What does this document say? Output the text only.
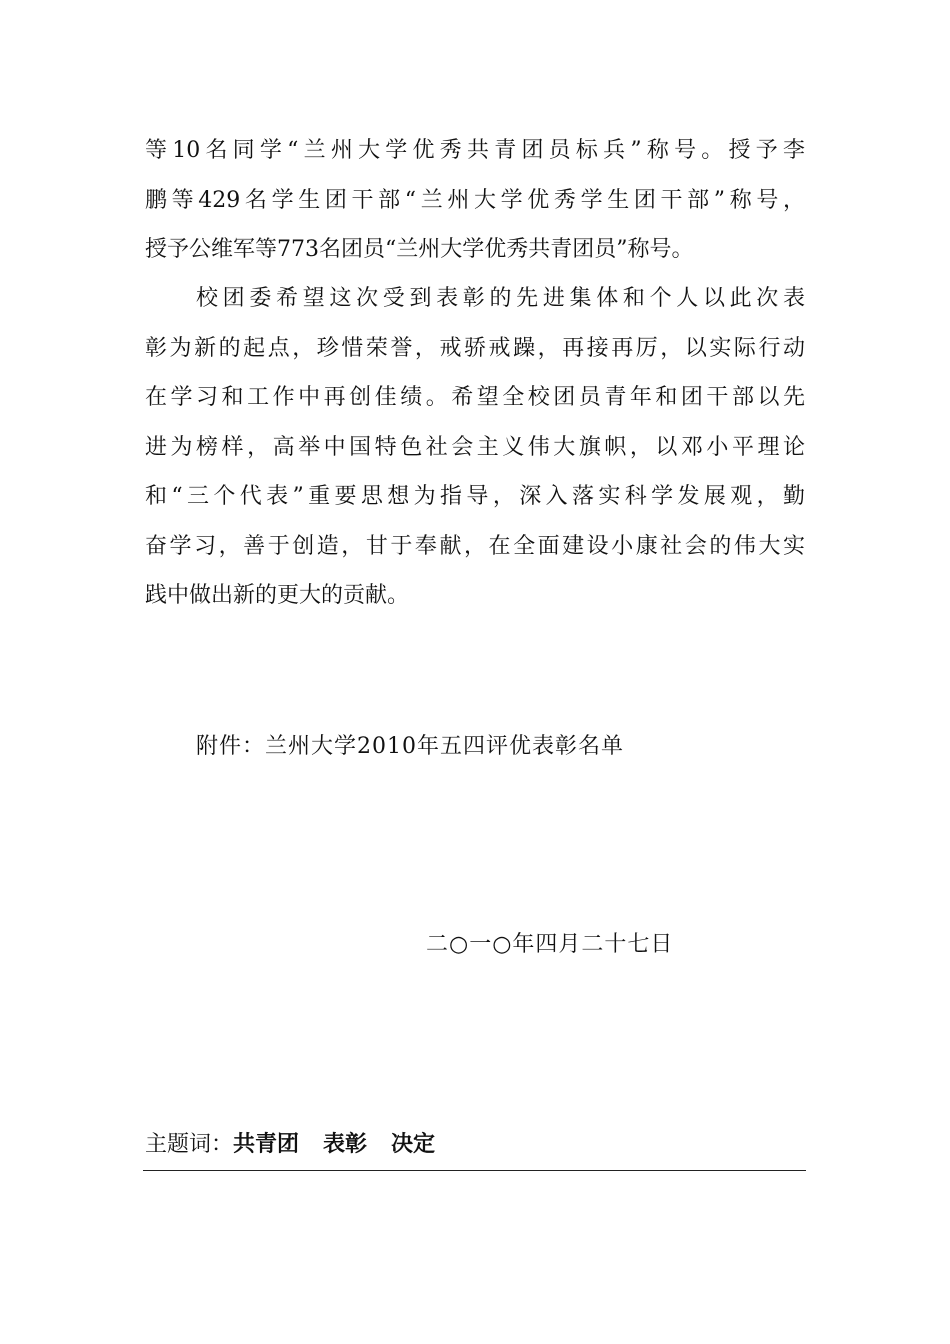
等10名同学“兰州大学优秀共青团员标兵”称号。授予李
鹏等429名学生团干部“兰州大学优秀学生团干部”称号，
授予公维军等773名团员“兰州大学优秀共青团员”称号。
校团委希望这次受到表彰的先进集体和个人以此次表
彰为新的起点，珍惜荣誉，戒骄戒躁，再接再厉，以实际行动
在学习和工作中再创佳绩。希望全校团员青年和团干部以先
进为榜样，高举中国特色社会主义伟大旗帜，以邓小平理论
和“三个代表”重要思想为指导，深入落实科学发展观，勤
奋学习，善于创造，甘于奉献，在全面建设小康社会的伟大实
践中做出新的更大的贡献。
附件：兰州大学2010年五四评优表彰名单
二○一○年四月二十七日
主题词：共青团 表彰 决定
